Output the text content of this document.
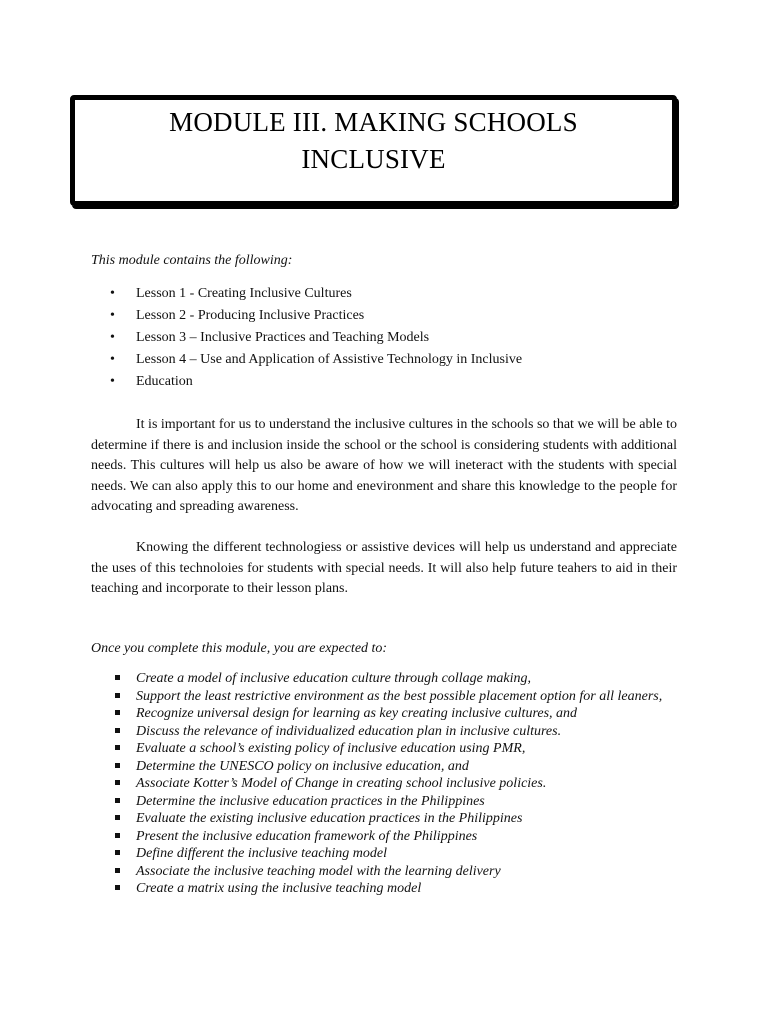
MODULE III. MAKING SCHOOLS
INCLUSIVE

This module contains the following:

• Lesson 1 - Creating Inclusive Cultures
• Lesson 2 - Producing Inclusive Practices
• Lesson 3 – Inclusive Practices and Teaching Models
• Lesson 4 – Use and Application of Assistive Technology in Inclusive
• Education

It is important for us to understand the inclusive cultures in the schools so that we will be able to determine if there is and inclusion inside the school or the school is considering students with additional needs. This cultures will help us also be aware of how we will ineteract with the students with special needs. We can also apply this to our home and enevironment and share this knowledge to the people for advocating and spreading awareness.

Knowing the different technologiess or assistive devices will help us understand and appreciate the uses of this technoloies for students with special needs. It will also help future teahers to aid in their teaching and incorporate to their lesson plans.

Once you complete this module, you are expected to:

Create a model of inclusive education culture through collage making,
Support the least restrictive environment as the best possible placement option for all leaners,
Recognize universal design for learning as key creating inclusive cultures, and
Discuss the relevance of individualized education plan in inclusive cultures.
Evaluate a school’s existing policy of inclusive education using PMR,
Determine the UNESCO policy on inclusive education, and
Associate Kotter’s Model of Change in creating school inclusive policies.
Determine the inclusive education practices in the Philippines
Evaluate the existing inclusive education practices in the Philippines
Present the inclusive education framework of the Philippines
Define different the inclusive teaching model
Associate the inclusive teaching model with the learning delivery
Create a matrix using the inclusive teaching model
